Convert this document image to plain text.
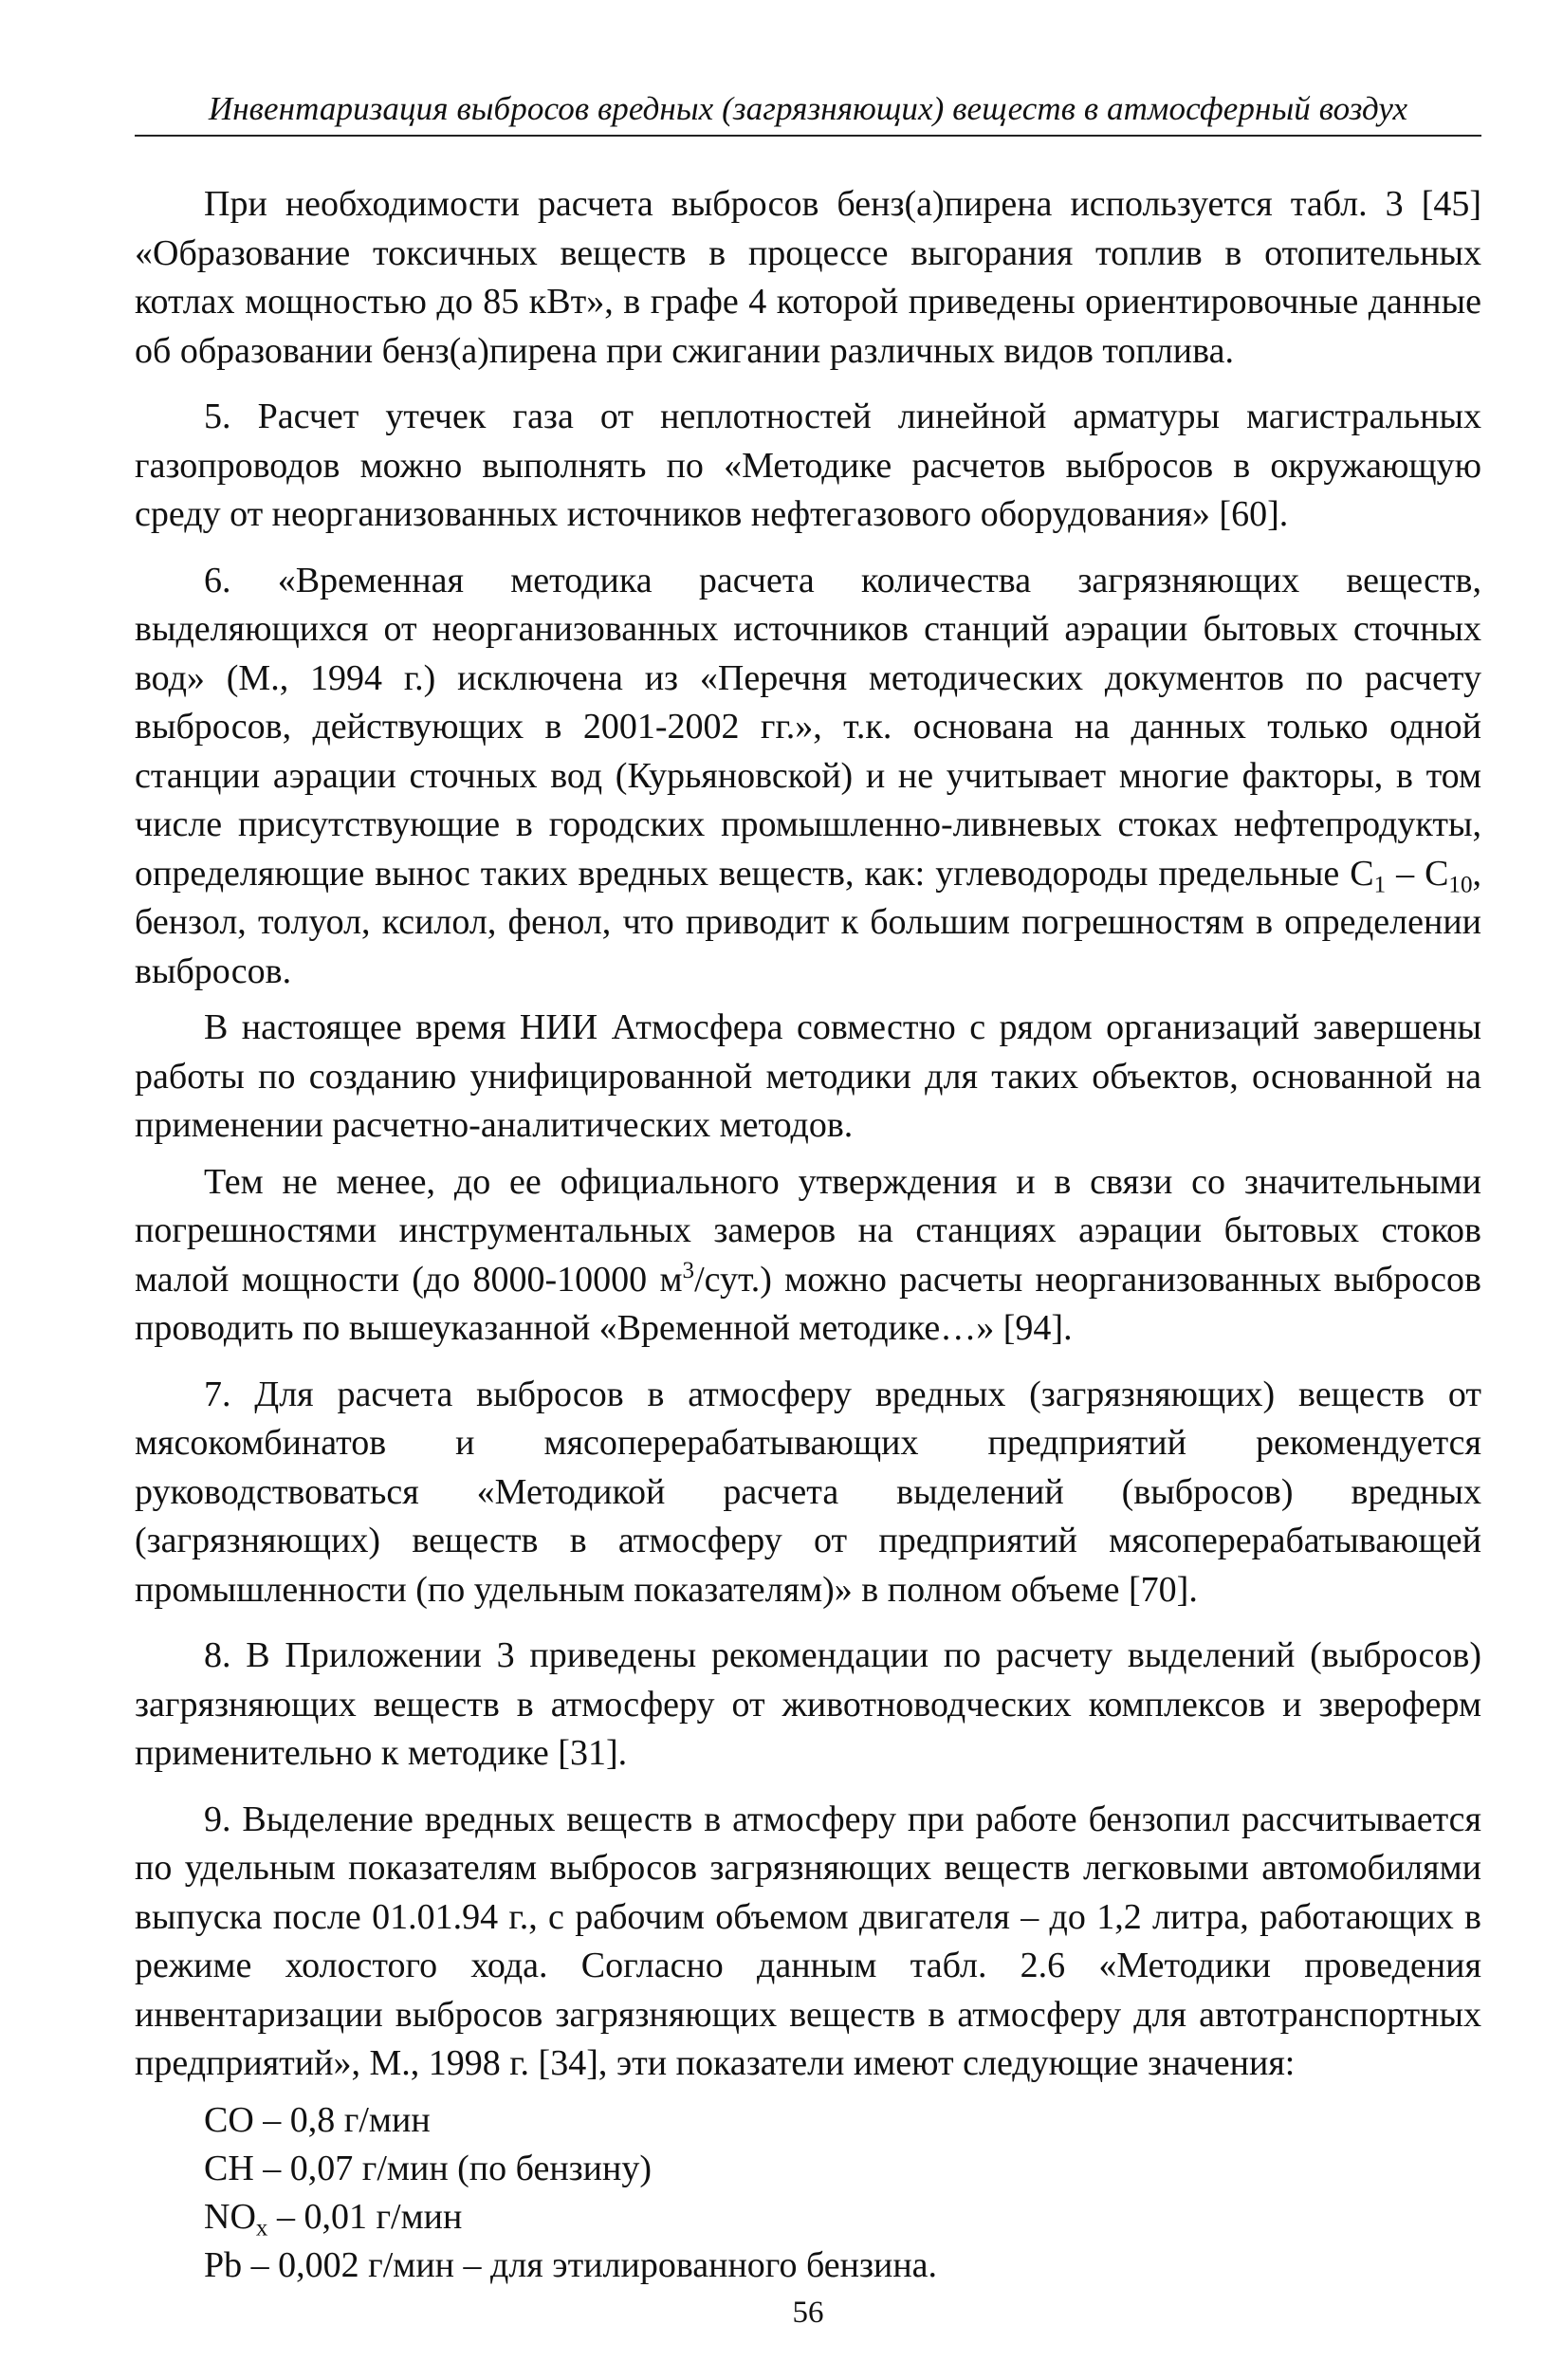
Инвентаризация выбросов вредных (загрязняющих) веществ в атмосферный воздух

При необходимости расчета выбросов бенз(а)пирена используется табл. 3 [45] «Образование токсичных веществ в процессе выгорания топлив в отопительных котлах мощностью до 85 кВт», в графе 4 которой приведены ориентировочные данные об образовании бенз(а)пирена при сжигании различных видов топлива.

5. Расчет утечек газа от неплотностей линейной арматуры магистральных газопроводов можно выполнять по «Методике расчетов выбросов в окружающую среду от неорганизованных источников нефтегазового оборудования» [60].

6. «Временная методика расчета количества загрязняющих веществ, выделяющихся от неорганизованных источников станций аэрации бытовых сточных вод» (М., 1994 г.) исключена из «Перечня методических документов по расчету выбросов, действующих в 2001-2002 гг.», т.к. основана на данных только одной станции аэрации сточных вод (Курьяновской) и не учитывает многие факторы, в том числе присутствующие в городских промышленно-ливневых стоках нефтепродукты, определяющие вынос таких вредных веществ, как: углеводороды предельные $C_1 - C_{10}$, бензол, толуол, ксилол, фенол, что приводит к большим погрешностям в определении выбросов.

В настоящее время НИИ Атмосфера совместно с рядом организаций завершены работы по созданию унифицированной методики для таких объектов, основанной на применении расчетно-аналитических методов.

Тем не менее, до ее официального утверждения и в связи со значительными погрешностями инструментальных замеров на станциях аэрации бытовых стоков малой мощности (до 8000-10000 $м^3/сут$.) можно расчеты неорганизованных выбросов проводить по вышеуказанной «Временной методике…» [94].

7. Для расчета выбросов в атмосферу вредных (загрязняющих) веществ от мясокомбинатов и мясоперерабатывающих предприятий рекомендуется руководствоваться «Методикой расчета выделений (выбросов) вредных (загрязняющих) веществ в атмосферу от предприятий мясоперерабатывающей промышленности (по удельным показателям)» в полном объеме [70].

8. В Приложении 3 приведены рекомендации по расчету выделений (выбросов) загрязняющих веществ в атмосферу от животноводческих комплексов и звероферм применительно к методике [31].

9. Выделение вредных веществ в атмосферу при работе бензопил рассчитывается по удельным показателям выбросов загрязняющих веществ легковыми автомобилями выпуска после 01.01.94 г., с рабочим объемом двигателя – до 1,2 литра, работающих в режиме холостого хода. Согласно данным табл. 2.6 «Методики проведения инвентаризации выбросов загрязняющих веществ в атмосферу для автотранспортных предприятий», М., 1998 г. [34], эти показатели имеют следующие значения:

СО – 0,8 г/мин

СН – 0,07 г/мин (по бензину)

$NO_x - 0,01$ г/мин

Pb – 0,002 г/мин – для этилированного бензина.

56
